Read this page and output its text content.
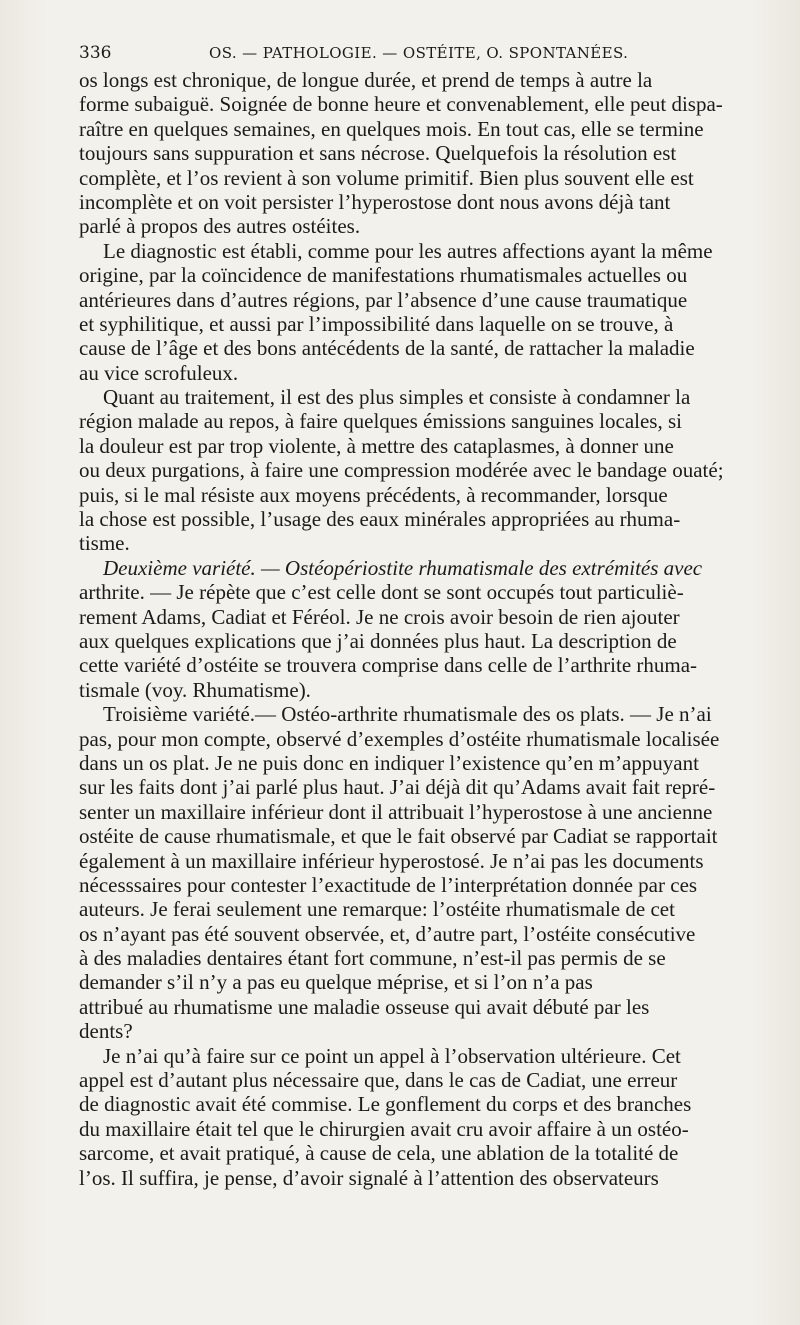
336	OS. — PATHOLOGIE. — OSTÉITE, O. SPONTANÉES.

os longs est chronique, de longue durée, et prend de temps à autre la
forme subaiguë. Soignée de bonne heure et convenablement, elle peut dispa-
raître en quelques semaines, en quelques mois. En tout cas, elle se termine
toujours sans suppuration et sans nécrose. Quelquefois la résolution est
complète, et l’os revient à son volume primitif. Bien plus souvent elle est
incomplète et on voit persister l’hyperostose dont nous avons déjà tant
parlé à propos des autres ostéites.

Le diagnostic est établi, comme pour les autres affections ayant la même
origine, par la coïncidence de manifestations rhumatismales actuelles ou
antérieures dans d’autres régions, par l’absence d’une cause traumatique
et syphilitique, et aussi par l’impossibilité dans laquelle on se trouve, à
cause de l’âge et des bons antécédents de la santé, de rattacher la maladie
au vice scrofuleux.

Quant au traitement, il est des plus simples et consiste à condamner la
région malade au repos, à faire quelques émissions sanguines locales, si
la douleur est par trop violente, à mettre des cataplasmes, à donner une
ou deux purgations, à faire une compression modérée avec le bandage ouaté;
puis, si le mal résiste aux moyens précédents, à recommander, lorsque
la chose est possible, l’usage des eaux minérales appropriées au rhuma-
tisme.

Deuxième variété. — Ostéopériostite rhumatismale des extrémités avec
arthrite. — Je répète que c’est celle dont se sont occupés tout particuliè-
rement Adams, Cadiat et Féréol. Je ne crois avoir besoin de rien ajouter
aux quelques explications que j’ai données plus haut. La description de
cette variété d’ostéite se trouvera comprise dans celle de l’arthrite rhuma-
tismale (voy. Rhumatisme).

Troisième variété.— Ostéo-arthrite rhumatismale des os plats. — Je n’ai
pas, pour mon compte, observé d’exemples d’ostéite rhumatismale localisée
dans un os plat. Je ne puis donc en indiquer l’existence qu’en m’appuyant
sur les faits dont j’ai parlé plus haut. J’ai déjà dit qu’Adams avait fait repré-
senter un maxillaire inférieur dont il attribuait l’hyperostose à une ancienne
ostéite de cause rhumatismale, et que le fait observé par Cadiat se rapportait
également à un maxillaire inférieur hyperostosé. Je n’ai pas les documents
nécesssaires pour contester l’exactitude de l’interprétation donnée par ces
auteurs. Je ferai seulement une remarque: l’ostéite rhumatismale de cet
os n’ayant pas été souvent observée, et, d’autre part, l’ostéite consécutive
à des maladies dentaires étant fort commune, n’est-il pas permis de se
demander s’il n’y a pas eu quelque méprise, et si l’on n’a pas
attribué au rhumatisme une maladie osseuse qui avait débuté par les
dents?

Je n’ai qu’à faire sur ce point un appel à l’observation ultérieure. Cet
appel est d’autant plus nécessaire que, dans le cas de Cadiat, une erreur
de diagnostic avait été commise. Le gonflement du corps et des branches
du maxillaire était tel que le chirurgien avait cru avoir affaire à un ostéo-
sarcome, et avait pratiqué, à cause de cela, une ablation de la totalité de
l’os. Il suffira, je pense, d’avoir signalé à l’attention des observateurs
